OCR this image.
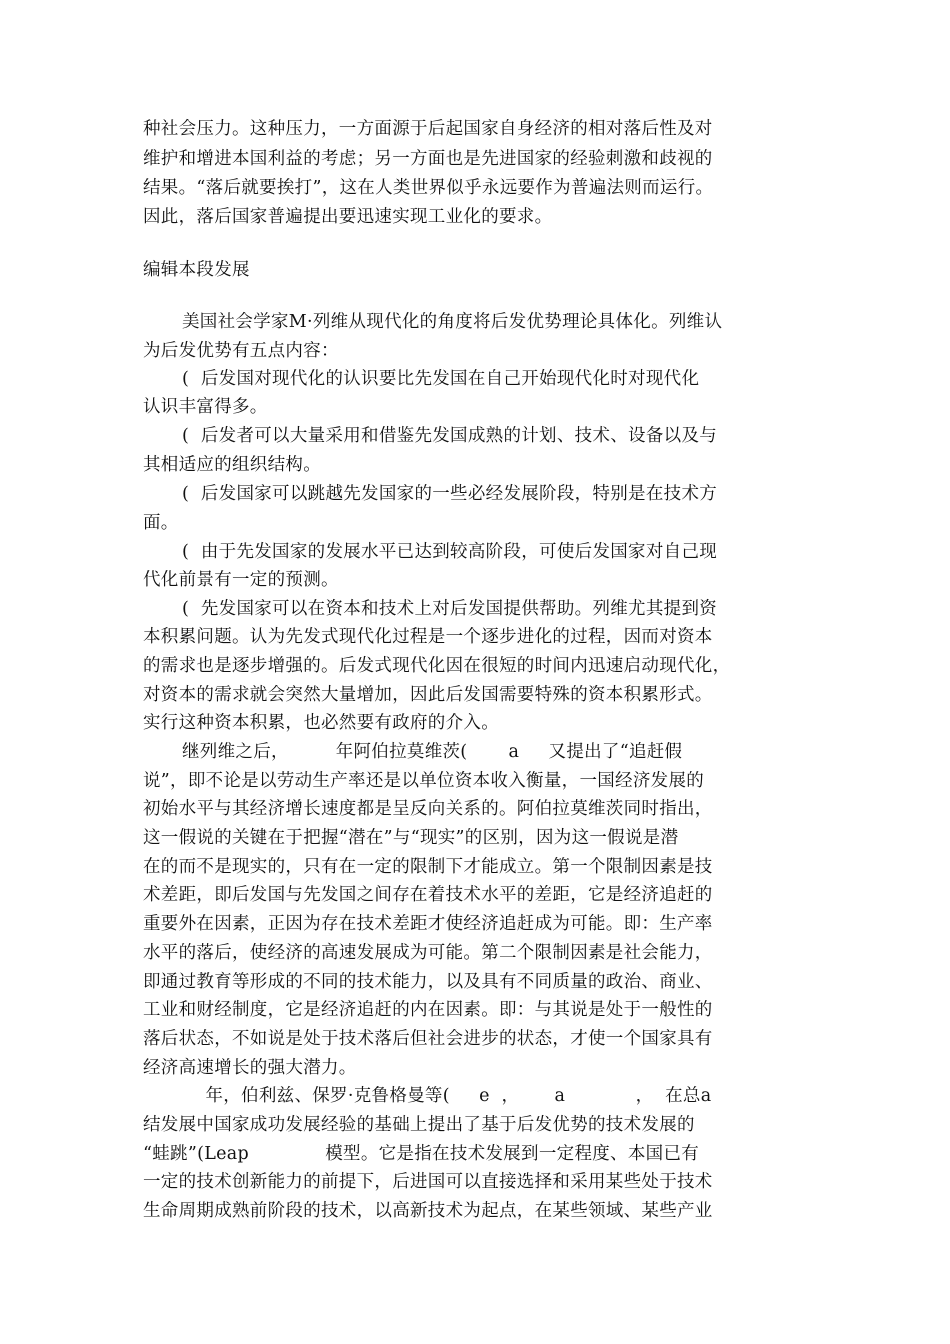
种社会压力。这种压力，一方面源于后起国家自身经济的相对落后性及对
维护和增进本国利益的考虑；另一方面也是先进国家的经验刺激和歧视的
结果。“落后就要挨打”，这在人类世界似乎永远要作为普遍法则而运行。
因此，落后国家普遍提出要迅速实现工业化的要求。
编辑本段发展
美国社会学家M·列维从现代化的角度将后发优势理论具体化。列维认
为后发优势有五点内容：
(  后发国对现代化的认识要比先发国在自己开始现代化时对现代化
认识丰富得多。
(  后发者可以大量采用和借鉴先发国成熟的计划、技术、设备以及与
其相适应的组织结构。
(  后发国家可以跳越先发国家的一些必经发展阶段，特别是在技术方
面。
(  由于先发国家的发展水平已达到较高阶段，可使后发国家对自己现
代化前景有一定的预测。
(  先发国家可以在资本和技术上对后发国提供帮助。列维尤其提到资
本积累问题。认为先发式现代化过程是一个逐步进化的过程，因而对资本
的需求也是逐步增强的。后发式现代化因在很短的时间内迅速启动现代化，
对资本的需求就会突然大量增加，因此后发国需要特殊的资本积累形式。
实行这种资本积累，也必然要有政府的介入。
继列维之后，        年阿伯拉莫维茨(       a     又提出了“追赶假
说”，即不论是以劳动生产率还是以单位资本收入衡量，一国经济发展的
初始水平与其经济增长速度都是呈反向关系的。阿伯拉莫维茨同时指出，
这一假说的关键在于把握“潜在”与“现实”的区别，因为这一假说是潜
在的而不是现实的，只有在一定的限制下才能成立。第一个限制因素是技
术差距，即后发国与先发国之间存在着技术水平的差距，它是经济追赶的
重要外在因素，正因为存在技术差距才使经济追赶成为可能。即：生产率
水平的落后，使经济的高速发展成为可能。第二个限制因素是社会能力，
即通过教育等形成的不同的技术能力，以及具有不同质量的政治、商业、
工业和财经制度，它是经济追赶的内在因素。即：与其说是处于一般性的
落后状态，不如说是处于技术落后但社会进步的状态，才使一个国家具有
经济高速增长的强大潜力。
年，伯利兹、保罗·克鲁格曼等(     e  ，      a            ，  在总a
结发展中国家成功发展经验的基础上提出了基于后发优势的技术发展的
“蛙跳”(Leap             模型。它是指在技术发展到一定程度、本国已有
一定的技术创新能力的前提下，后进国可以直接选择和采用某些处于技术
生命周期成熟前阶段的技术，以高新技术为起点，在某些领域、某些产业
